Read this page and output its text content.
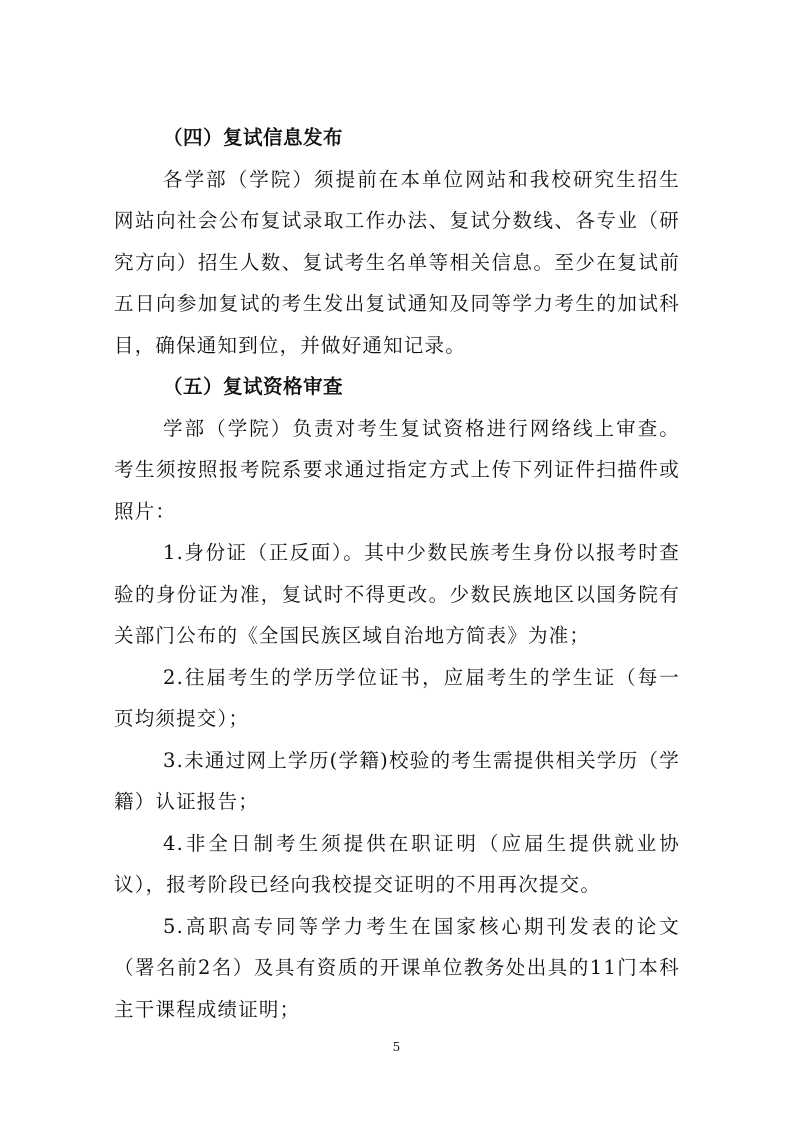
（四）复试信息发布

各学部（学院）须提前在本单位网站和我校研究生招生网站向社会公布复试录取工作办法、复试分数线、各专业（研究方向）招生人数、复试考生名单等相关信息。至少在复试前五日向参加复试的考生发出复试通知及同等学力考生的加试科目，确保通知到位，并做好通知记录。

（五）复试资格审查

学部（学院）负责对考生复试资格进行网络线上审查。考生须按照报考院系要求通过指定方式上传下列证件扫描件或照片：

1.身份证（正反面）。其中少数民族考生身份以报考时查验的身份证为准，复试时不得更改。少数民族地区以国务院有关部门公布的《全国民族区域自治地方简表》为准；

2.往届考生的学历学位证书，应届考生的学生证（每一页均须提交）；

3.未通过网上学历(学籍)校验的考生需提供相关学历（学籍）认证报告；

4.非全日制考生须提供在职证明（应届生提供就业协议），报考阶段已经向我校提交证明的不用再次提交。

5.高职高专同等学力考生在国家核心期刊发表的论文（署名前2名）及具有资质的开课单位教务处出具的11门本科主干课程成绩证明；

5
